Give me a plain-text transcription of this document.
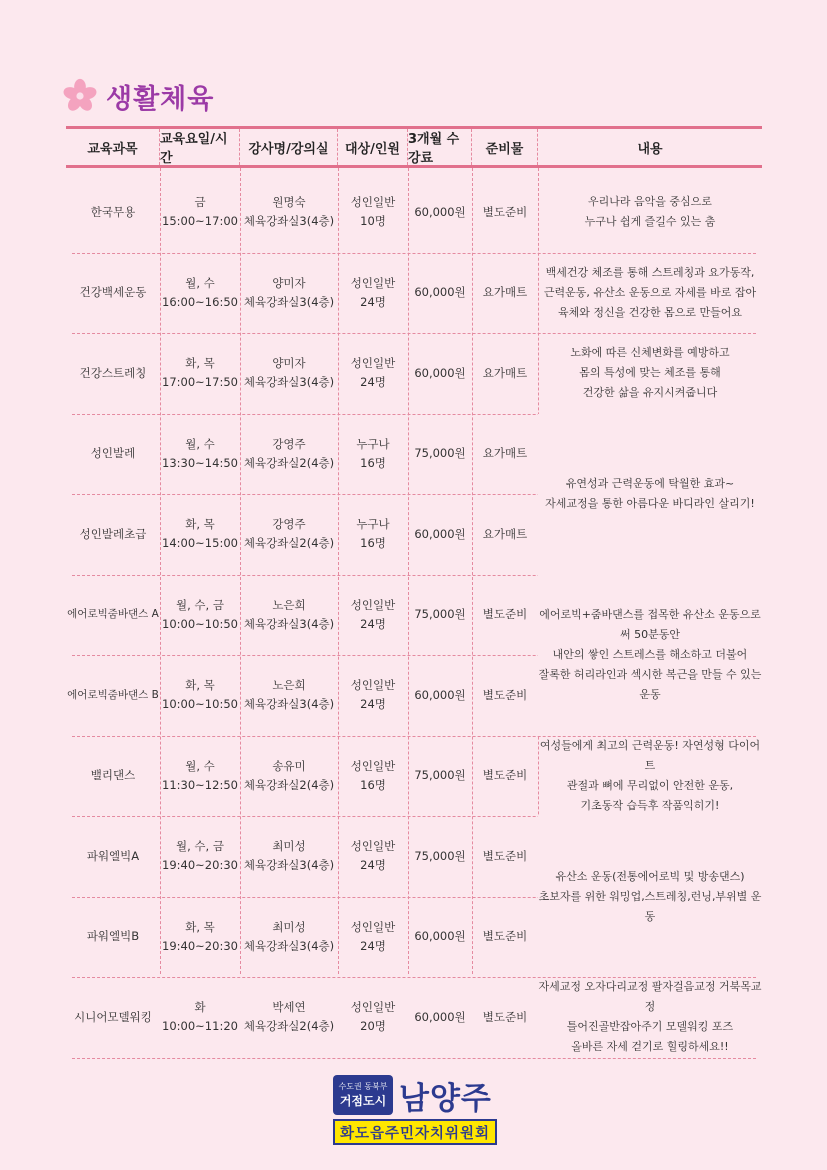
생활체육
교육과목
교육요일/시간
강사명/강의실	대상/인원
3개월 수강료
준비물	내용
한국무용
금
15:00~17:00
원명숙
체육강좌실3(4층)
성인일반
10명
60,000원 별도준비
건강백세운동
월, 수
16:00~16:50
양미자
체육강좌실3(4층)
성인일반
24명
60,000원 요가매트
건강스트레칭
화, 목
17:00~17:50
양미자
체육강좌실3(4층)
성인일반
24명
60,000원 요가매트
성인발레
월, 수
13:30~14:50
강영주
체육강좌실2(4층)
누구나
16명
75,000원 요가매트
성인발레초급
화, 목
14:00~15:00
강영주
체육강좌실2(4층)
누구나
16명
60,000원 요가매트
에어로빅줌바댄스 A
월, 수, 금
10:00~10:50
노은희
체육강좌실3(4층)
성인일반
24명
75,000원 별도준비
에어로빅줌바댄스 B
화, 목
10:00~10:50
노은희
체육강좌실3(4층)
성인일반
24명
60,000원 별도준비
밸리댄스
월, 수
11:30~12:50
송유미
체육강좌실2(4층)
성인일반
16명
75,000원 별도준비
파워엘빅A
월, 수, 금
19:40~20:30
최미성
체육강좌실3(4층)
성인일반
24명
75,000원 별도준비
파워엘빅B
화, 목
19:40~20:30
최미성
체육강좌실3(4층)
성인일반
24명
60,000원 별도준비
시니어모델워킹
화
10:00~11:20
박세연
체육강좌실2(4층)
성인일반
20명
60,000원 별도준비
우리나라 음악을 중심으로
누구나 쉽게 즐길수 있는 춤
백세건강 체조를 통해 스트레칭과 요가동작,
근력운동, 유산소 운동으로 자세를 바로 잡아
육체와 정신을 건강한 몸으로 만들어요
노화에 따른 신체변화를 예방하고
몸의 특성에 맞는 체조를 통해
건강한 삶을 유지시켜줍니다
유연성과 근력운동에 탁월한 효과~
자세교정을 통한 아름다운 바디라인 살리기!
에어로빅+줌바댄스를 접목한 유산소 운동으로써 50분동안
내안의 쌓인 스트레스를 해소하고 더불어
잘록한 허리라인과 섹시한 복근을 만들 수 있는 운동
여성들에게 최고의 근력운동! 자연성형 다이어트
관절과 뼈에 무리없이 안전한 운동,
기초동작 습득후 작품익히기!
유산소 운동(전통에어로빅 및 방송댄스)
초보자를 위한 워밍업,스트레칭,런닝,부위별 운동
자세교정 오자다리교정 팔자걸음교정 거북목교정
틀어진골반잡아주기 모델워킹 포즈
올바른 자세 걷기로 힐링하세요!!
수도권 동북부
거점도시 남양주
화도읍주민자치위원회
